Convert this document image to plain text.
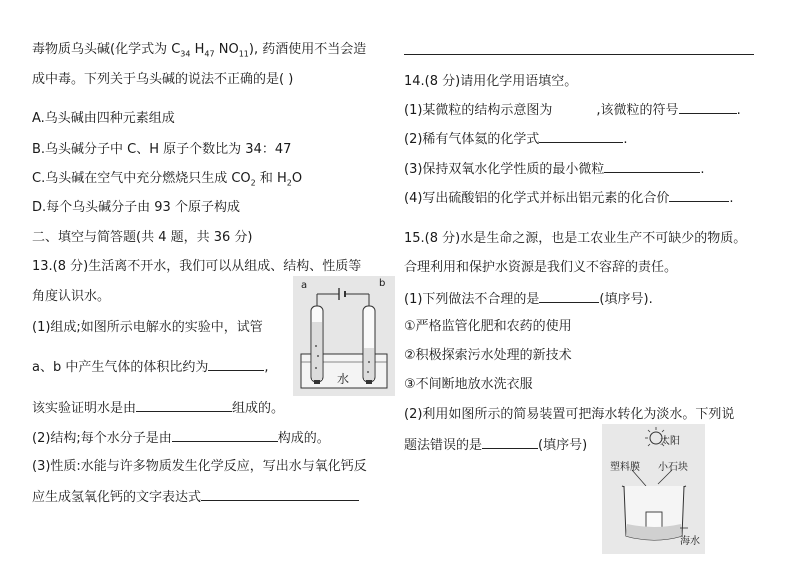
毒物质乌头碱(化学式为 $C_{34}$ $H_{47}$ $NO_{11}$), 药酒使用不当会造
成中毒。下列关于乌头碱的说法不正确的是( )
A.乌头碱由四种元素组成
B.乌头碱分子中 C、H 原子个数比为 34：47
C.乌头碱在空气中充分燃烧只生成 $CO_2$ 和 $H_2O$
D.每个乌头碱分子由 93 个原子构成
二、填空与简答题(共 4 题，共 36 分)
13.(8 分)生活离不开水，我们可以从组成、结构、性质等
角度认识水。
(1)组成;如图所示电解水的实验中，试管
a、b 中产生气体的体积比约为	,
该实验证明水是由	组成的。
(2)结构;每个水分子是由	构成的。
(3)性质:水能与许多物质发生化学反应，写出水与氧化钙反
应生成氢氧化钙的文字表达式
a	b
水
14.(8 分)请用化学用语填空。
(1)某微粒的结构示意图为	,该微粒的符号	.
(2)稀有气体氦的化学式	.
(3)保持双氧水化学性质的最小微粒	.
(4)写出硫酸铝的化学式并标出铝元素的化合价	.
15.(8 分)水是生命之源，也是工农业生产不可缺少的物质。
合理利用和保护水资源是我们义不容辞的责任。
(1)下列做法不合理的是	(填序号).
①严格监管化肥和农药的使用
②积极探索污水处理的新技术
③不间断地放水洗衣服
(2)利用如图所示的简易装置可把海水转化为淡水。下列说
题法错误的是	(填序号)	太阳
塑料膜 小石块
海水
